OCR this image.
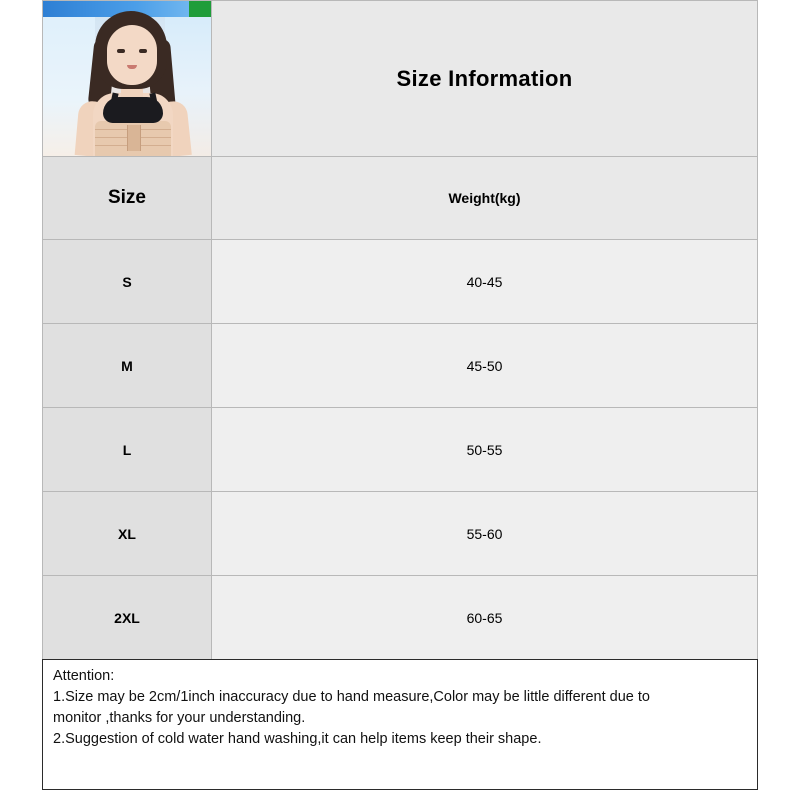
	Size Information
Size	Weight(kg)
S	40-45
M	45-50
L	50-55
XL	55-60
2XL	60-65

Attention:

1.Size may be 2cm/1inch inaccuracy due to hand measure,Color may be little different due to

monitor ,thanks for your understanding.

2.Suggestion of cold water hand washing,it can help items keep their shape.
